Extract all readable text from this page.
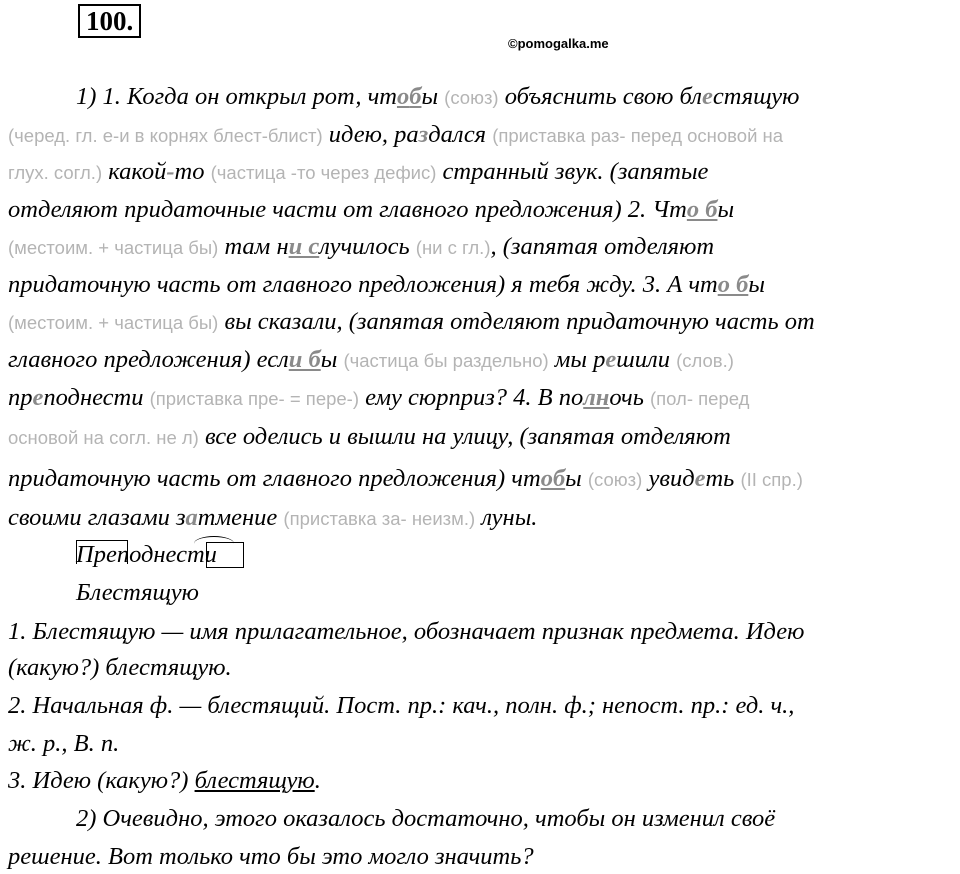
100.
©pomogalka.me
1) 1. Когда он открыл рот, чтобы (союз) объяснить свою блестящую
(черед. гл. е-и в корнях блест-блист) идею, раздался (приставка раз- перед основой на
глух. согл.) какой-то (частица -то через дефис) странный звук. (запятые
отделяют придаточные части от главного предложения) 2. Что бы
(местоим. + частица бы) там ни случилось (ни с гл.), (запятая отделяют
придаточную часть от главного предложения) я тебя жду. 3. А что бы
(местоим. + частица бы) вы сказали, (запятая отделяют придаточную часть от
главного предложения) если бы (частица бы раздельно) мы решили (слов.)
преподнести (приставка пре- = пере-) ему сюрприз? 4. В полночь (пол- перед
основой на согл. не л) все оделись и вышли на улицу, (запятая отделяют
придаточную часть от главного предложения) чтобы (союз) увидеть (II спр.)
своими глазами затмение (приставка за- неизм.) луны.
Преподнести
Блестящую
1. Блестящую — имя прилагательное, обозначает признак предмета. Идею
(какую?) блестящую.
2. Начальная ф. — блестящий. Пост. пр.: кач., полн. ф.; непост. пр.: ед. ч.,
ж. р., В. п.
3. Идею (какую?) блестящую.
2) Очевидно, этого оказалось достаточно, чтобы он изменил своё
решение. Вот только что бы это могло значить?
